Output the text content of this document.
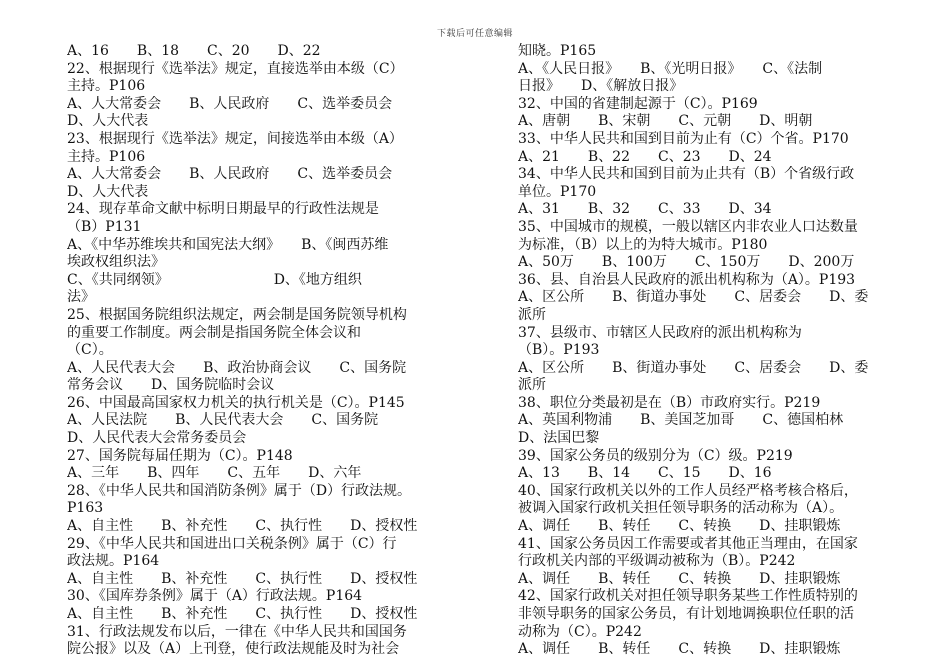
下载后可任意编辑
A、16　　B、18　　C、20　　D、22
22、根据现行《选举法》规定，直接选举由本级（C）
主持。P106
A、人大常委会　　B、人民政府　　C、选举委员会
D、人大代表
23、根据现行《选举法》规定，间接选举由本级（A）
主持。P106
A、人大常委会　　B、人民政府　　C、选举委员会
D、人大代表
24、现存革命文献中标明日期最早的行政性法规是
（B）P131
A、《中华苏维埃共和国宪法大纲》　　B、《闽西苏维
埃政权组织法》
C、《共同纲领》　　　　　　　　D、《地方组织
法》
25、根据国务院组织法规定，两会制是国务院领导机构
的重要工作制度。两会制是指国务院全体会议和
（C）。
A、人民代表大会　　B、政治协商会议　　C、国务院
常务会议　　D、国务院临时会议
26、中国最高国家权力机关的执行机关是（C）。P145
A、人民法院　　B、人民代表大会　　C、国务院
D、人民代表大会常务委员会
27、国务院每届任期为（C）。P148
A、三年　　B、四年　　C、五年　　D、六年
28、《中华人民共和国消防条例》属于（D）行政法规。
P163
A、自主性　　B、补充性　　C、执行性　　D、授权性
29、《中华人民共和国进出口关税条例》属于（C）行
政法规。P164
A、自主性　　B、补充性　　C、执行性　　D、授权性
30、《国库券条例》属于（A）行政法规。P164
A、自主性　　B、补充性　　C、执行性　　D、授权性
31、行政法规发布以后，一律在《中华人民共和国国务
院公报》以及（A）上刊登，使行政法规能及时为社会
知晓。P165
A、《人民日报》　　B、《光明日报》　　C、《法制
日报》　　D、《解放日报》
32、中国的省建制起源于（C）。P169
A、唐朝　　B、宋朝　　C、元朝　　D、明朝
33、中华人民共和国到目前为止有（C）个省。P170
A、21　　B、22　　C、23　　D、24
34、中华人民共和国到目前为止共有（B）个省级行政
单位。P170
A、31　　B、32　　C、33　　D、34
35、中国城市的规模，一般以辖区内非农业人口达数量
为标准，（B）以上的为特大城市。P180
A、50万　　B、100万　　C、150万　　D、200万
36、县、自治县人民政府的派出机构称为（A）。P193
A、区公所　　B、街道办事处　　C、居委会　　D、委
派所
37、县级市、市辖区人民政府的派出机构称为
（B）。P193
A、区公所　　B、街道办事处　　C、居委会　　D、委
派所
38、职位分类最初是在（B）市政府实行。P219
A、英国利物浦　　B、美国芝加哥　　C、德国柏林
D、法国巴黎
39、国家公务员的级别分为（C）级。P219
A、13　　B、14　　C、15　　D、16
40、国家行政机关以外的工作人员经严格考核合格后，
被调入国家行政机关担任领导职务的活动称为（A）。
A、调任　　B、转任　　C、转换　　D、挂职锻炼
41、国家公务员因工作需要或者其他正当理由，在国家
行政机关内部的平级调动被称为（B）。P242
A、调任　　B、转任　　C、转换　　D、挂职锻炼
42、国家行政机关对担任领导职务某些工作性质特别的
非领导职务的国家公务员，有计划地调换职位任职的活
动称为（C）。P242
A、调任　　B、转任　　C、转换　　D、挂职锻炼
